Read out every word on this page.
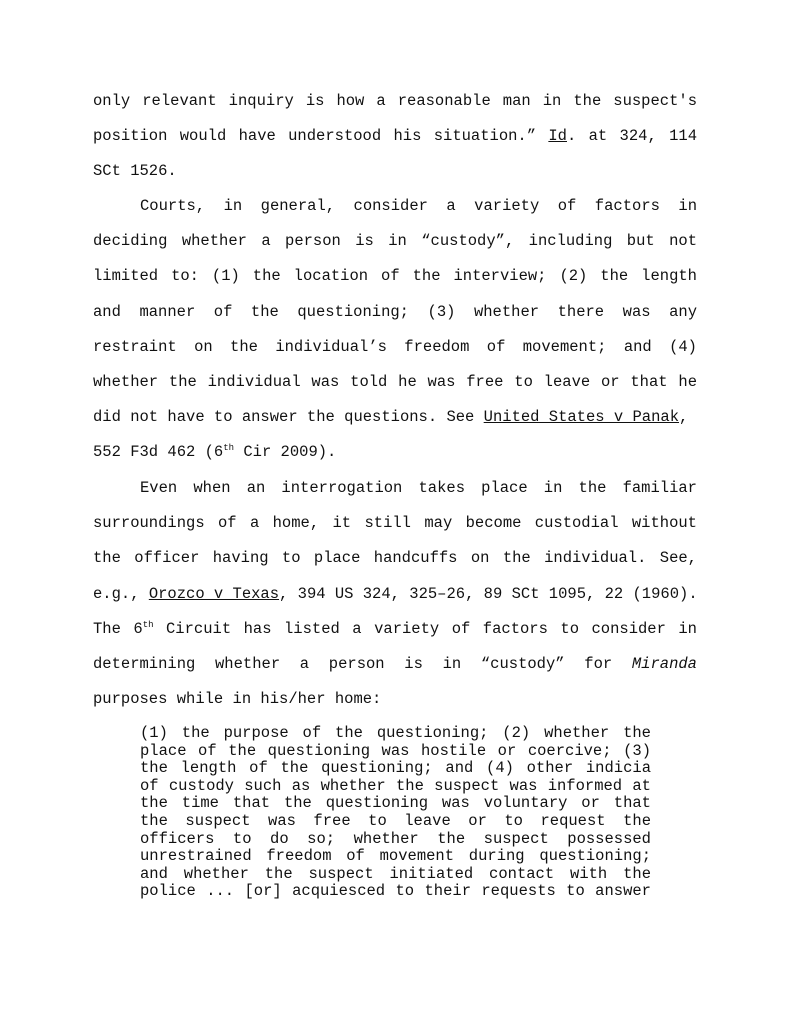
only relevant inquiry is how a reasonable man in the suspect's
position would have understood his situation.” Id. at 324, 114
SCt 1526.
Courts, in general, consider a variety of factors in
deciding whether a person is in “custody”, including but not
limited to: (1) the location of the interview; (2) the length
and manner of the questioning; (3) whether there was any
restraint on the individual’s freedom of movement; and (4)
whether the individual was told he was free to leave or that he
did not have to answer the questions. See United States v Panak,
552 F3d 462 (6th Cir 2009).
Even when an interrogation takes place in the familiar
surroundings of a home, it still may become custodial without
the officer having to place handcuffs on the individual. See,
e.g., Orozco v Texas, 394 US 324, 325–26, 89 SCt 1095, 22 (1960).
The 6th Circuit has listed a variety of factors to consider in
determining whether a person is in “custody” for Miranda
purposes while in his/her home:
(1) the purpose of the questioning; (2) whether the
place of the questioning was hostile or coercive; (3)
the length of the questioning; and (4) other indicia
of custody such as whether the suspect was informed at
the time that the questioning was voluntary or that
the suspect was free to leave or to request the
officers to do so; whether the suspect possessed
unrestrained freedom of movement during questioning;
and whether the suspect initiated contact with the
police ... [or] acquiesced to their requests to answer
